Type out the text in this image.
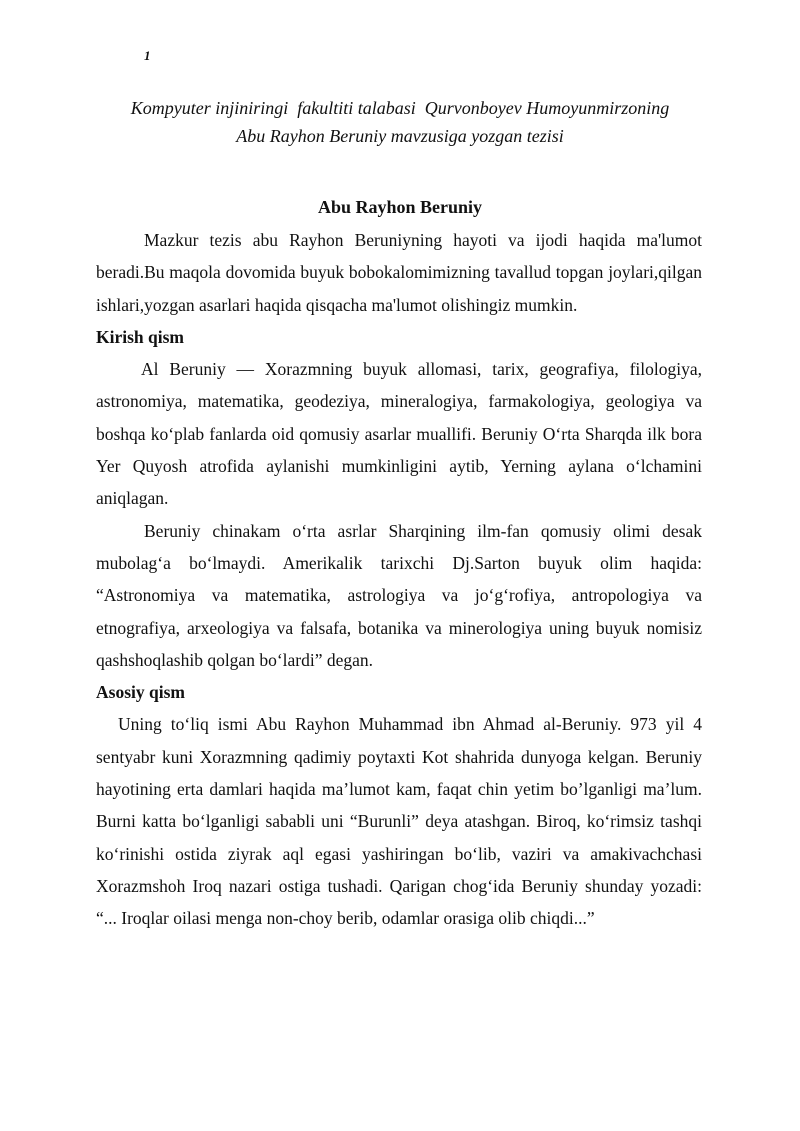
1
Kompyuter injiniringi  fakultiti talabasi  Qurvonboyev Humoyunmirzoning
Abu Rayhon Beruniy mavzusiga yozgan tezisi
Abu Rayhon Beruniy

Mazkur tezis abu Rayhon Beruniyning hayoti va ijodi haqida ma'lumot beradi.Bu maqola dovomida buyuk bobokalomimizning tavallud topgan joylari,qilgan ishlari,yozgan asarlari haqida qisqacha ma'lumot olishingiz mumkin.

Kirish qism

Al Beruniy — Xorazmning buyuk allomasi, tarix, geografiya, filologiya, astronomiya, matematika, geodeziya, mineralogiya, farmakologiya, geologiya va boshqa koʻplab fanlarda oid qomusiy asarlar muallifi. Beruniy Oʻrta Sharqda ilk bora Yer Quyosh atrofida aylanishi mumkinligini aytib, Yerning aylana oʻlchamini aniqlagan.

Beruniy chinakam oʻrta asrlar Sharqining ilm-fan qomusiy olimi desak mubolagʻa boʻlmaydi. Amerikalik tarixchi Dj.Sarton buyuk olim haqida: “Astronomiya va matematika, astrologiya va joʻgʻrofiya, antropologiya va etnografiya, arxeologiya va falsafa, botanika va minerologiya uning buyuk nomisiz qashshoqlashib qolgan boʻlardi” degan.

Asosiy qism

Uning toʻliq ismi Abu Rayhon Muhammad ibn Ahmad al-Beruniy. 973 yil 4 sentyabr kuni Xorazmning qadimiy poytaxti Kot shahrida dunyoga kelgan. Beruniy hayotining erta damlari haqida ma’lumot kam, faqat chin yetim bo’lganligi ma’lum. Burni katta boʻlganligi sababli uni “Burunli” deya atashgan. Biroq, koʻrimsiz tashqi koʻrinishi ostida ziyrak aql egasi yashiringan boʻlib, vaziri va amakivachchasi Xorazmshoh Iroq nazari ostiga tushadi. Qarigan chogʻida Beruniy shunday yozadi: “... Iroqlar oilasi menga non-choy berib, odamlar orasiga olib chiqdi...”
